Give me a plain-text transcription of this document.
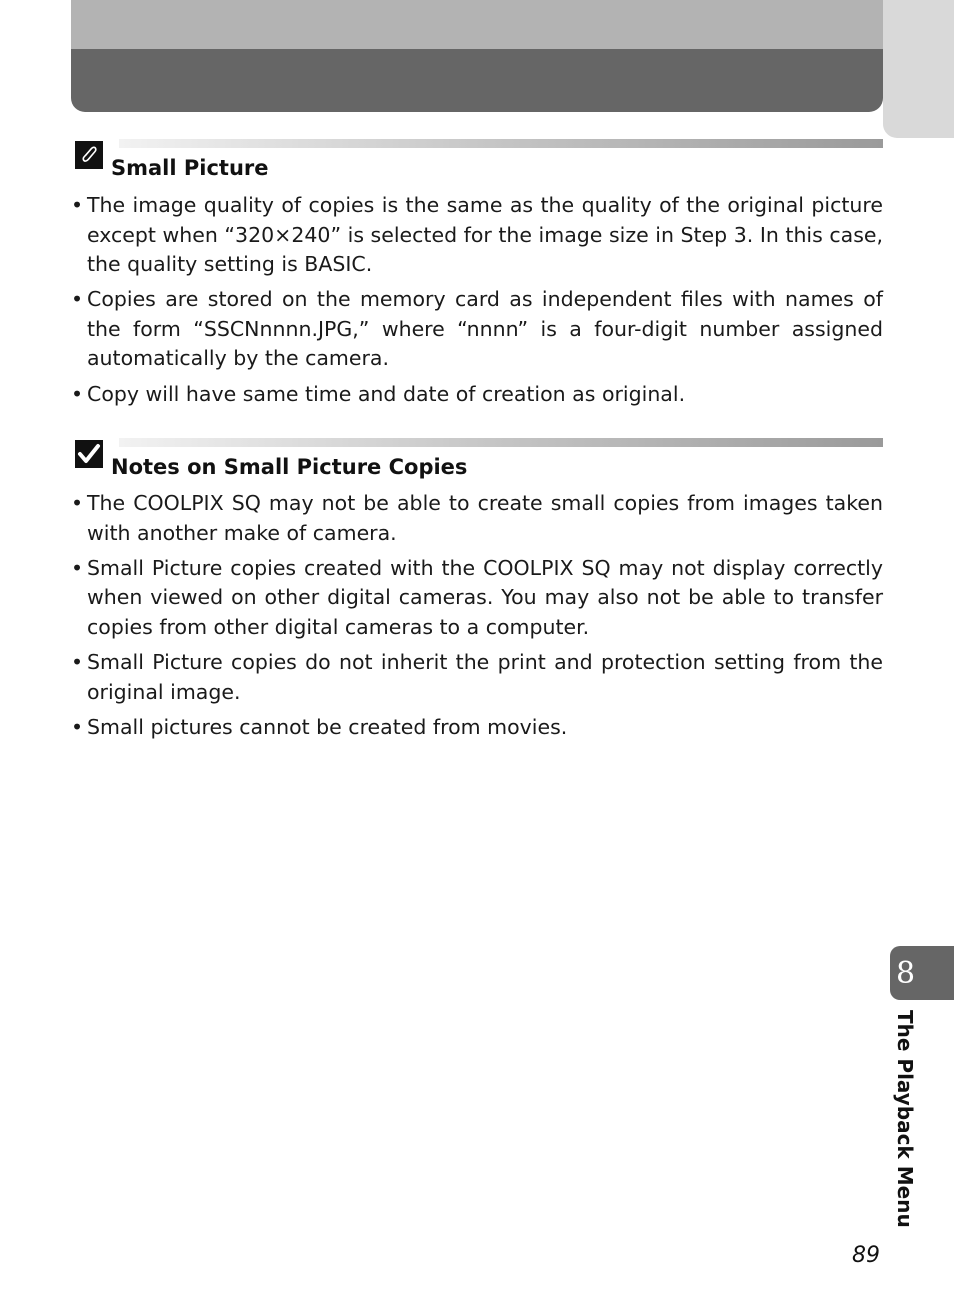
Small Picture
• The image quality of copies is the same as the quality of the original picture except when “320×240” is selected for the image size in Step 3. In this case, the quality setting is BASIC.
• Copies are stored on the memory card as independent files with names of the form “SSCNnnnn.JPG,” where “nnnn” is a four-digit number assigned automatically by the camera.
• Copy will have same time and date of creation as original.
Notes on Small Picture Copies
• The COOLPIX SQ may not be able to create small copies from images taken with another make of camera.
• Small Picture copies created with the COOLPIX SQ may not display correctly when viewed on other digital cameras. You may also not be able to transfer copies from other digital cameras to a computer.
• Small Picture copies do not inherit the print and protection setting from the original image.
• Small pictures cannot be created from movies.
8
The Playback Menu
89
